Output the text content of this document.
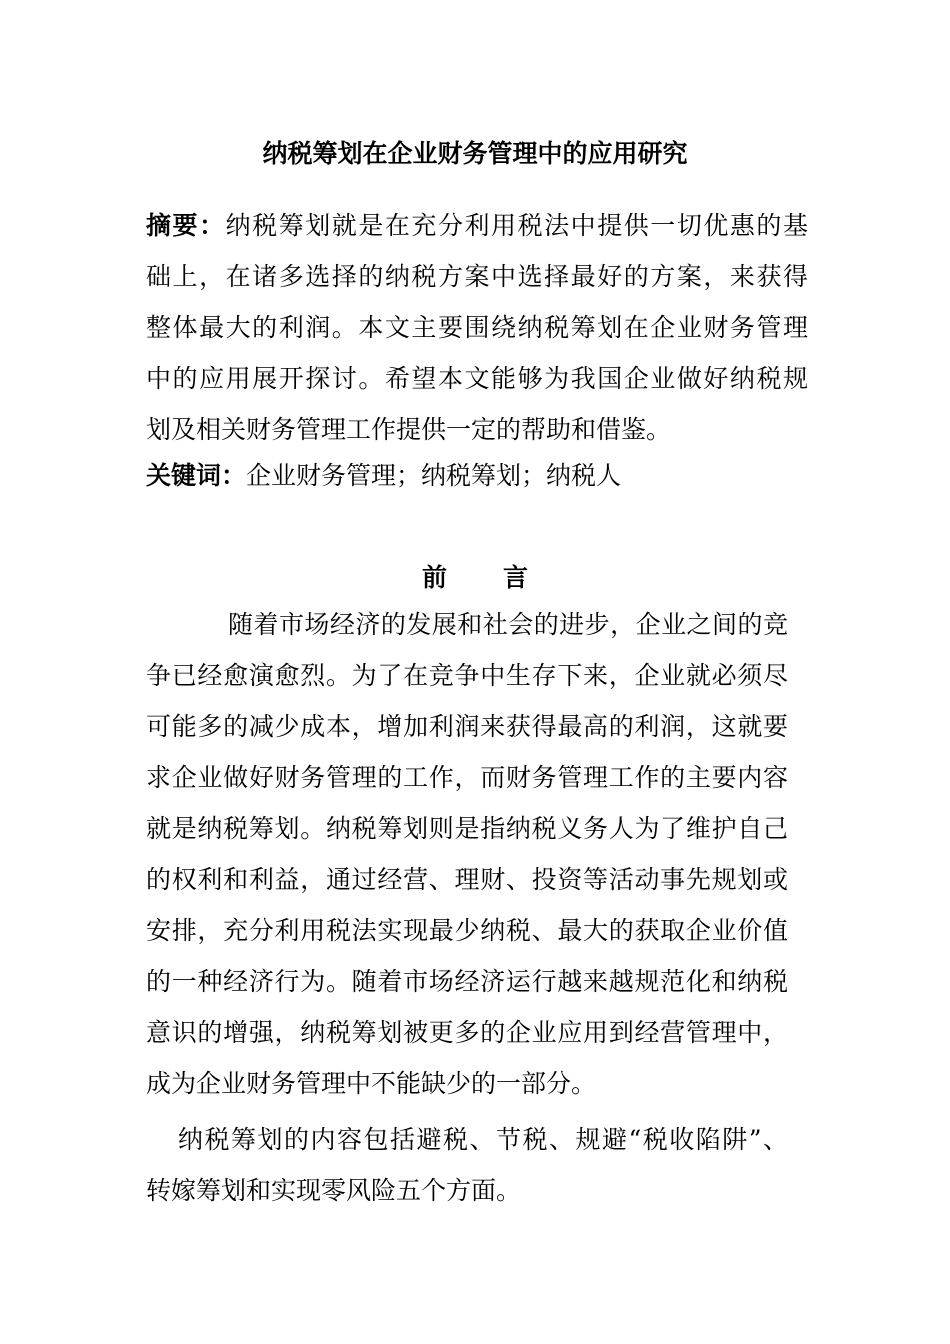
纳税筹划在企业财务管理中的应用研究
摘要：纳税筹划就是在充分利用税法中提供一切优惠的基
础上，在诸多选择的纳税方案中选择最好的方案，来获得
整体最大的利润。本文主要围绕纳税筹划在企业财务管理
中的应用展开探讨。希望本文能够为我国企业做好纳税规
划及相关财务管理工作提供一定的帮助和借鉴。
关键词：企业财务管理；纳税筹划；纳税人
前 言
随着市场经济的发展和社会的进步，企业之间的竞
争已经愈演愈烈。为了在竞争中生存下来，企业就必须尽
可能多的减少成本，增加利润来获得最高的利润，这就要
求企业做好财务管理的工作，而财务管理工作的主要内容
就是纳税筹划。纳税筹划则是指纳税义务人为了维护自己
的权利和利益，通过经营、理财、投资等活动事先规划或
安排，充分利用税法实现最少纳税、最大的获取企业价值
的一种经济行为。随着市场经济运行越来越规范化和纳税
意识的增强，纳税筹划被更多的企业应用到经营管理中，
成为企业财务管理中不能缺少的一部分。
纳税筹划的内容包括避税、节税、规避“税收陷阱”、
转嫁筹划和实现零风险五个方面。
